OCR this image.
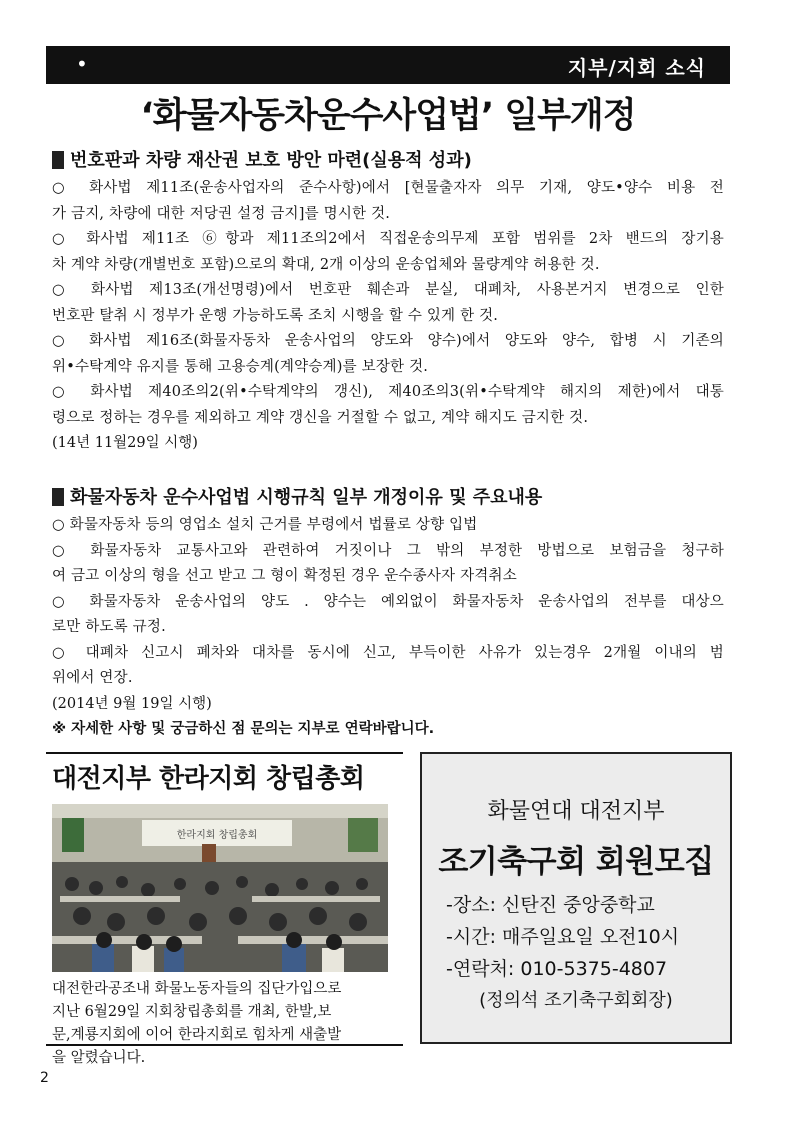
•	지부/지회 소식
‘화물자동차운수사업법’ 일부개정
번호판과 차량 재산권 보호 방안 마련(실용적 성과)
○ 화사법 제11조(운송사업자의 준수사항)에서 [현물출자자 의무 기재, 양도•양수 비용 전
가 금지, 차량에 대한 저당권 설정 금지]를 명시한 것.
○ 화사법 제11조 ⑥항과 제11조의2에서 직접운송의무제 포함 범위를 2차 밴드의 장기용
차 계약 차량(개별번호 포함)으로의 확대, 2개 이상의 운송업체와 물량계약 허용한 것.
○ 화사법 제13조(개선명령)에서 번호판 훼손과 분실, 대폐차, 사용본거지 변경으로 인한
번호판 탈취 시 정부가 운행 가능하도록 조치 시행을 할 수 있게 한 것.
○ 화사법 제16조(화물자동차 운송사업의 양도와 양수)에서 양도와 양수, 합병 시 기존의
위•수탁계약 유지를 통해 고용승계(계약승계)를 보장한 것.
○ 화사법 제40조의2(위•수탁계약의 갱신), 제40조의3(위•수탁계약 해지의 제한)에서 대통
령으로 정하는 경우를 제외하고 계약 갱신을 거절할 수 없고, 계약 해지도 금지한 것.
(14년 11월29일 시행)
화물자동차 운수사업법 시행규칙 일부 개정이유 및 주요내용
○ 화물자동차 등의 영업소 설치 근거를 부령에서 법률로 상향 입법
○ 화물자동차 교통사고와 관련하여 거짓이나 그 밖의 부정한 방법으로 보험금을 청구하
여 금고 이상의 형을 선고 받고 그 형이 확정된 경우 운수종사자 자격취소
○ 화물자동차 운송사업의 양도 . 양수는 예외없이 화물자동차 운송사업의 전부를 대상으
로만 하도록 규정.
○ 대폐차 신고시 폐차와 대차를 동시에 신고, 부득이한 사유가 있는경우 2개월 이내의 범
위에서 연장.
(2014년 9월 19일 시행)
※ 자세한 사항 및 궁금하신 점 문의는 지부로 연락바랍니다.
대전지부 한라지회 창립총회
한라지회 창립총회
대전한라공조내 화물노동자들의 집단가입으로
지난 6월29일 지회창립총회를 개최, 한발,보
문,계룡지회에 이어 한라지회로 힘차게 새출발
을 알렸습니다.
화물연대 대전지부
조기축구회 회원모집
-장소: 신탄진 중앙중학교
-시간: 매주일요일 오전10시
-연락처: 010-5375-4807
(정의석 조기축구회회장)
2
